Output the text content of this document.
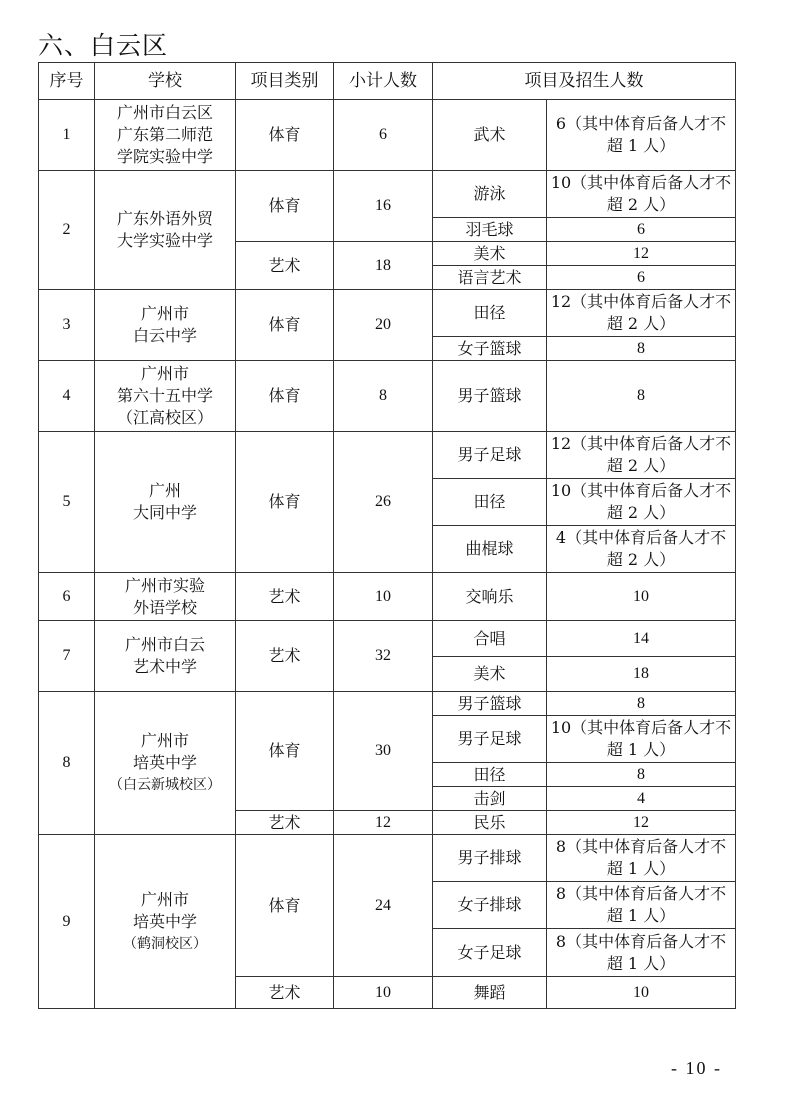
六、白云区
序号	学校	项目类别	小计人数	项目及招生人数	
1	广州市白云区
广东第二师范
学院实验中学	体育	6	武术	6（其中体育后备人才不超 1 人）
2	广东外语外贸
大学实验中学	体育	16	游泳	10（其中体育后备人才不超 2 人）
				羽毛球	6
		艺术	18	美术	12
				语言艺术	6
3	广州市
白云中学	体育	20	田径	12（其中体育后备人才不超 2 人）
				女子篮球	8
4	广州市
第六十五中学
（江高校区）	体育	8	男子篮球	8
5	广州
大同中学	体育	26	男子足球	12（其中体育后备人才不超 2 人）
				田径	10（其中体育后备人才不超 2 人）
				曲棍球	4（其中体育后备人才不超 2 人）
6	广州市实验
外语学校	艺术	10	交响乐	10
7	广州市白云
艺术中学	艺术	32	合唱	14
				美术	18
8	广州市
培英中学
（白云新城校区）	体育	30	男子篮球	8
				男子足球	10（其中体育后备人才不超 1 人）
				田径	8
				击剑	4
		艺术	12	民乐	12
9	广州市
培英中学
（鹤洞校区）	体育	24	男子排球	8（其中体育后备人才不超 1 人）
				女子排球	8（其中体育后备人才不超 1 人）
				女子足球	8（其中体育后备人才不超 1 人）
		艺术	10	舞蹈	10
- 10 -
